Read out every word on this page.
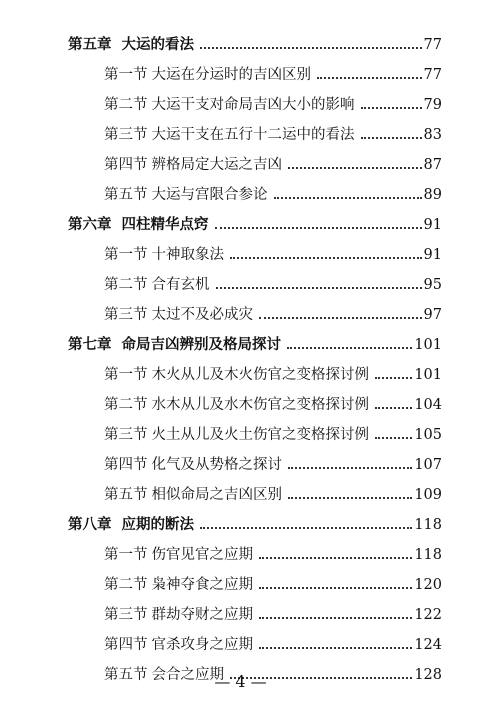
第五章 大运的看法	77
第一节 大运在分运时的吉凶区别	77
第二节 大运干支对命局吉凶大小的影响	79
第三节 大运干支在五行十二运中的看法	83
第四节 辨格局定大运之吉凶	87
第五节 大运与宫限合参论	89
第六章 四柱精华点窍	91
第一节 十神取象法	91
第二节 合有玄机	95
第三节 太过不及必成灾	97
第七章 命局吉凶辨别及格局探讨	101
第一节 木火从儿及木火伤官之变格探讨例	101
第二节 水木从儿及水木伤官之变格探讨例	104
第三节 火土从儿及火土伤官之变格探讨例	105
第四节 化气及从势格之探讨	107
第五节 相似命局之吉凶区别	109
第八章 应期的断法	118
第一节 伤官见官之应期	118
第二节 枭神夺食之应期	120
第三节 群劫夺财之应期	122
第四节 官杀攻身之应期	124
第五节 会合之应期	128
— 4 —
